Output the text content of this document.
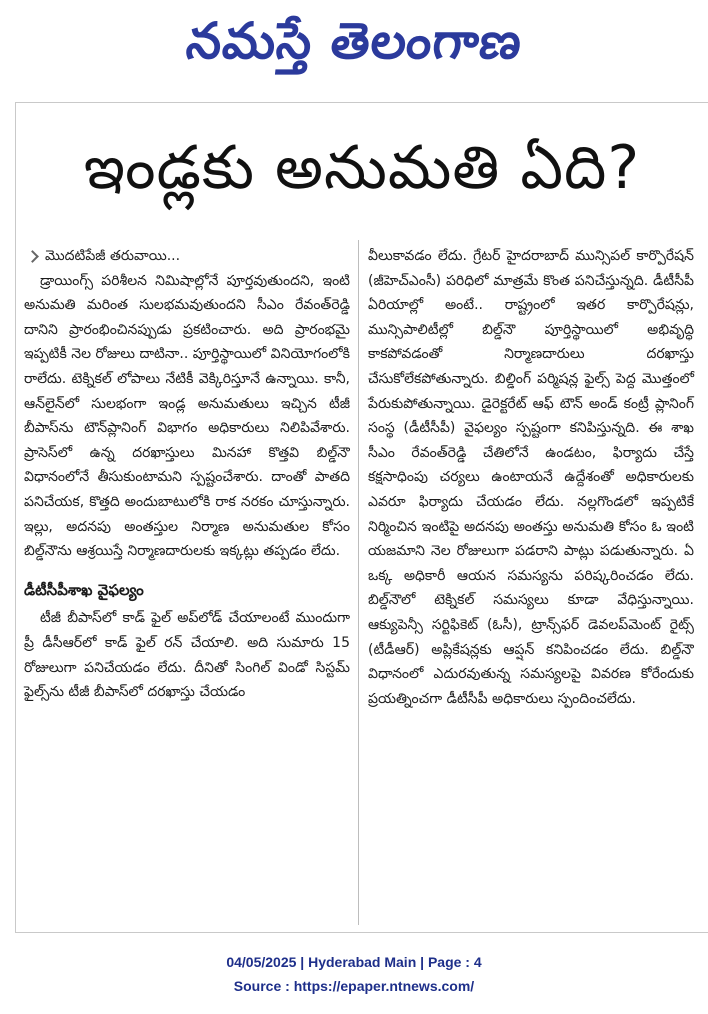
నమస్తే తెలంగాణ
ఇండ్లకు అనుమతి ఏది?
మొదటిపేజీ తరువాయి...

డ్రాయింగ్స్ పరిశీలన నిమిషాల్లోనే పూర్తవుతుందని, ఇంటి అనుమతి మరింత సులభమవుతుందని సీఎం రేవంత్‌రెడ్డి దానిని ప్రారంభించినప్పుడు ప్రకటించారు. అది ప్రారంభమై ఇప్పటికీ నెల రోజులు దాటినా.. పూర్తిస్థాయిలో వినియోగంలోకి రాలేదు. టెక్నికల్ లోపాలు నేటికీ వెక్కిరిస్తూనే ఉన్నాయి. కానీ, ఆన్‌లైన్‌లో సులభంగా ఇండ్ల అనుమతులు ఇచ్చిన టీజీ బీపాస్‌ను టౌన్‌ప్లానింగ్ విభాగం అధికారులు నిలిపివేశారు. ప్రాసెస్‌లో ఉన్న దరఖాస్తులు మినహా కొత్తవి బిల్డ్‌నౌ విధానంలోనే తీసుకుంటామని స్పష్టంచేశారు. దాంతో పాతది పనిచేయక, కొత్తది అందుబాటులోకి రాక నరకం చూస్తున్నారు. ఇల్లు, అదనపు అంతస్తుల నిర్మాణ అనుమతుల కోసం బిల్డ్‌నౌను ఆశ్రయిస్తే నిర్మాణదారులకు ఇక్కట్లు తప్పడం లేదు.

డీటీసీపీశాఖ వైఫల్యం

టీజీ బీపాస్‌లో కాడ్ ఫైల్ అప్‌లోడ్ చేయాలంటే ముందుగా ప్రీ డీసీఆర్‌లో కాడ్ ఫైల్ రన్ చేయాలి. అది సుమారు 15 రోజులుగా పనిచేయడం లేదు. దీనితో సింగిల్ విండో సిస్టమ్ ఫైల్స్‌ను టీజీ బీపాస్‌లో దరఖాస్తు చేయడం

వీలుకావడం లేదు. గ్రేటర్ హైదరాబాద్ మున్సిపల్ కార్పొరేషన్ (జీహెచ్‌ఎంసీ) పరిధిలో మాత్రమే కొంత పనిచేస్తున్నది. డీటీసీపీ ఏరియాల్లో అంటే.. రాష్ట్రంలో ఇతర కార్పొరేషన్లు, మున్సిపాలిటీల్లో బిల్డ్‌నౌ పూర్తిస్థాయిలో అభివృద్ధి కాకపోవడంతో నిర్మాణదారులు దరఖాస్తు చేసుకోలేకపోతున్నారు. బిల్డింగ్ పర్మిషన్ల ఫైల్స్ పెద్ద మొత్తంలో పేరుకుపోతున్నాయి. డైరెక్టరేట్ ఆఫ్ టౌన్ అండ్ కంట్రీ ప్లానింగ్ సంస్థ (డీటీసీపీ) వైఫల్యం స్పష్టంగా కనిపిస్తున్నది. ఈ శాఖ సీఎం రేవంత్‌రెడ్డి చేతిలోనే ఉండటం, ఫిర్యాదు చేస్తే కక్షసాధింపు చర్యలు ఉంటాయనే ఉద్దేశంతో అధికారులకు ఎవరూ ఫిర్యాదు చేయడం లేదు. నల్లగొండలో ఇప్పటికే నిర్మించిన ఇంటిపై అదనపు అంతస్తు అనుమతి కోసం ఓ ఇంటి యజమాని నెల రోజులుగా పడరాని పాట్లు పడుతున్నారు. ఏ ఒక్క అధికారీ ఆయన సమస్యను పరిష్కరించడం లేదు. బిల్డ్‌నౌలో టెక్నికల్ సమస్యలు కూడా వేధిస్తున్నాయి. ఆక్యుపెన్సీ సర్టిఫికెట్ (ఓసీ), ట్రాన్స్‌ఫర్ డెవలప్‌మెంట్ రైట్స్ (టీడీఆర్) అప్లికేషన్లకు ఆప్షన్ కనిపించడం లేదు. బిల్డ్‌నౌ విధానంలో ఎదురవుతున్న సమస్యలపై వివరణ కోరేందుకు ప్రయత్నించగా డీటీసీపీ అధికారులు స్పందించలేదు.

04/05/2025 | Hyderabad Main | Page : 4
Source : https://epaper.ntnews.com/
